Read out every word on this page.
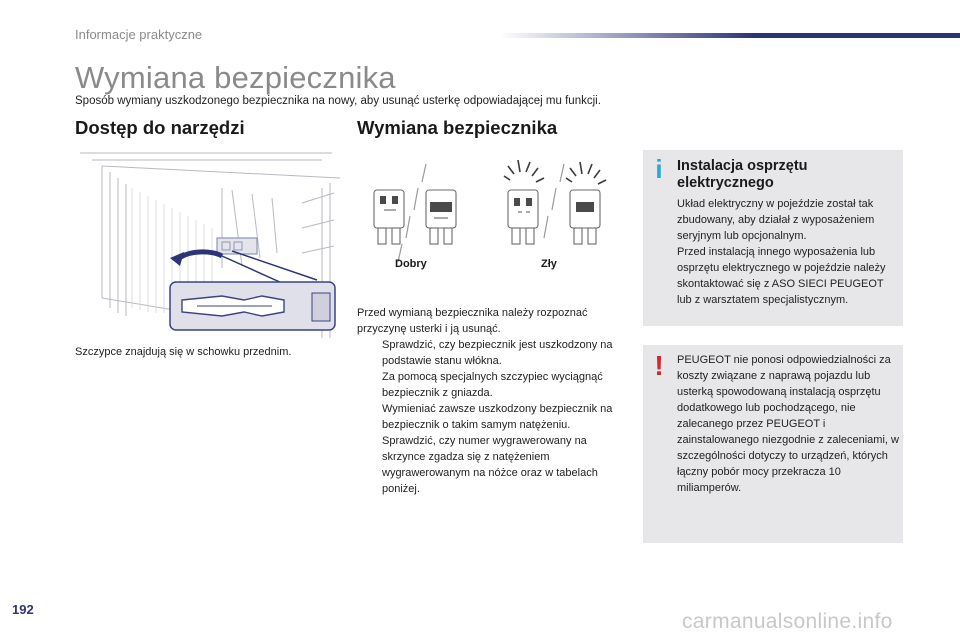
Informacje praktyczne
Wymiana bezpiecznika
Sposób wymiany uszkodzonego bezpiecznika na nowy, aby usunąć usterkę odpowiadającej mu funkcji.
Dostęp do narzędzi
Szczypce znajdują się w schowku przednim.
Wymiana bezpiecznika
Dobry	Zły
Przed wymianą bezpiecznika należy rozpoznać przyczynę usterki i ją usunąć.
Sprawdzić, czy bezpiecznik jest uszkodzony na podstawie stanu włókna.
Za pomocą specjalnych szczypiec wyciągnąć bezpiecznik z gniazda.
Wymieniać zawsze uszkodzony bezpiecznik na bezpiecznik o takim samym natężeniu.
Sprawdzić, czy numer wygrawerowany na skrzynce zgadza się z natężeniem wygrawerowanym na nóżce oraz w tabelach poniżej.
i Instalacja osprzętu elektrycznego
Układ elektryczny w pojeździe został tak zbudowany, aby działał z wyposażeniem seryjnym lub opcjonalnym.
Przed instalacją innego wyposażenia lub osprzętu elektrycznego w pojeździe należy skontaktować się z ASO SIECI PEUGEOT lub z warsztatem specjalistycznym.
! PEUGEOT nie ponosi odpowiedzialności za koszty związane z naprawą pojazdu lub usterką spowodowaną instalacją osprzętu dodatkowego lub pochodzącego, nie zalecanego przez PEUGEOT i zainstalowanego niezgodnie z zaleceniami, w szczególności dotyczy to urządzeń, których łączny pobór mocy przekracza 10 miliamperów.
192
carmanualsonline.info
